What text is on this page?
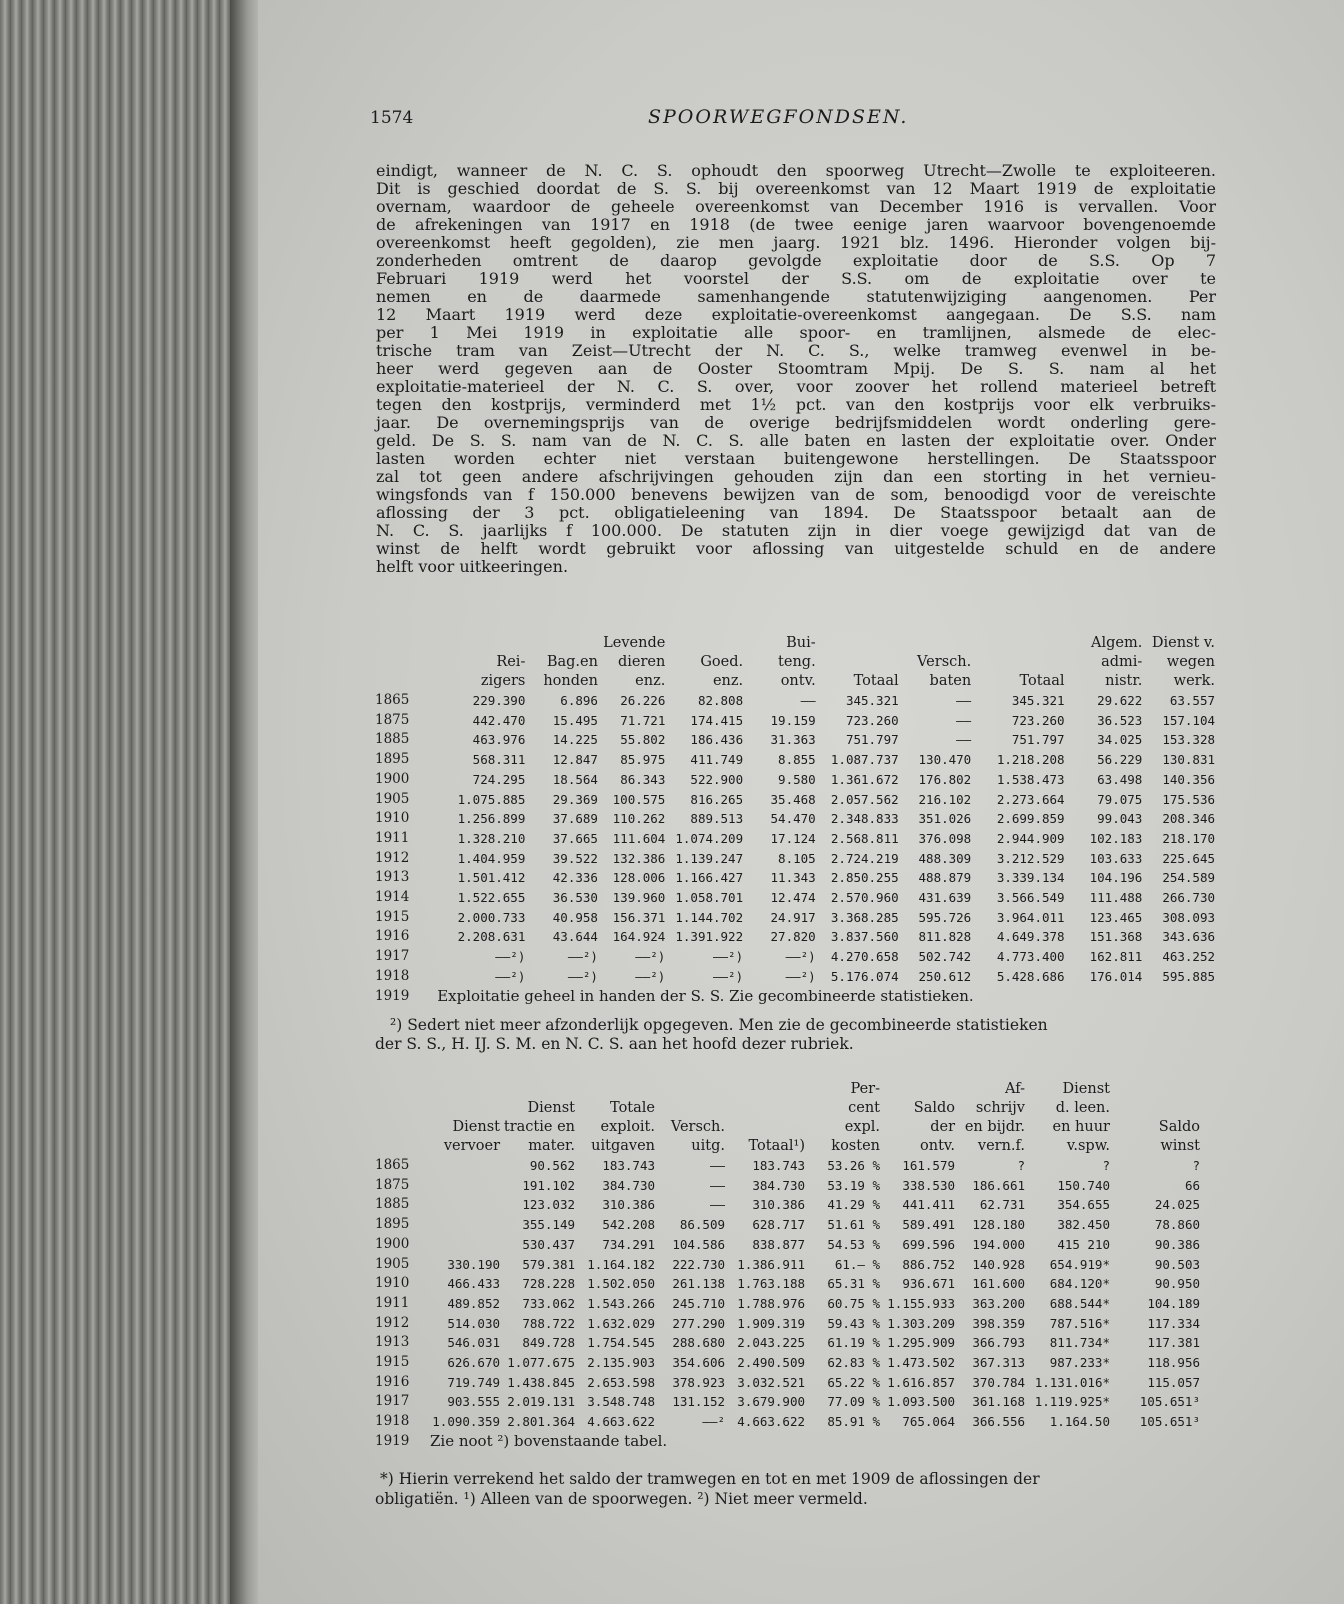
1574	SPOORWEGFONDSEN.
eindigt, wanneer de N. C. S. ophoudt den spoorweg Utrecht—Zwolle te exploiteeren.
Dit is geschied doordat de S. S. bij overeenkomst van 12 Maart 1919 de exploitatie
overnam, waardoor de geheele overeenkomst van December 1916 is vervallen. Voor
de afrekeningen van 1917 en 1918 (de twee eenige jaren waarvoor bovengenoemde
overeenkomst heeft gegolden), zie men jaarg. 1921 blz. 1496. Hieronder volgen bij-
zonderheden omtrent de daarop gevolgde exploitatie door de S.S. Op 7
Februari 1919 werd het voorstel der S.S. om de exploitatie over te
nemen en de daarmede samenhangende statutenwijziging aangenomen. Per
12 Maart 1919 werd deze exploitatie-overeenkomst aangegaan. De S.S. nam
per 1 Mei 1919 in exploitatie alle spoor- en tramlijnen, alsmede de elec-
trische tram van Zeist—Utrecht der N. C. S., welke tramweg evenwel in be-
heer werd gegeven aan de Ooster Stoomtram Mpij. De S. S. nam al het
exploitatie-materieel der N. C. S. over, voor zoover het rollend materieel betreft
tegen den kostprijs, verminderd met 1½ pct. van den kostprijs voor elk verbruiks-
jaar. De overnemingsprijs van de overige bedrijfsmiddelen wordt onderling gere-
geld. De S. S. nam van de N. C. S. alle baten en lasten der exploitatie over. Onder
lasten worden echter niet verstaan buitengewone herstellingen. De Staatsspoor
zal tot geen andere afschrijvingen gehouden zijn dan een storting in het vernieu-
wingsfonds van f 150.000 benevens bewijzen van de som, benoodigd voor de vereischte
aflossing der 3 pct. obligatieleening van 1894. De Staatsspoor betaalt aan de
N. C. S. jaarlijks f 100.000. De statuten zijn in dier voege gewijzigd dat van de
winst de helft wordt gebruikt voor aflossing van uitgestelde schuld en de andere
helft voor uitkeeringen.
			Levende		Bui-				Algem.	Dienst v.
	Rei-	Bag.en	dieren	Goed.	teng.		Versch.		admi-	wegen
	zigers	honden	enz.	enz.	ontv.	Totaal	baten	Totaal	nistr.	werk.
1865	229.390	6.896	26.226	82.808	——	345.321	——	345.321	29.622	63.557
1875	442.470	15.495	71.721	174.415	19.159	723.260	——	723.260	36.523	157.104
1885	463.976	14.225	55.802	186.436	31.363	751.797	——	751.797	34.025	153.328
1895	568.311	12.847	85.975	411.749	8.855	1.087.737	130.470	1.218.208	56.229	130.831
1900	724.295	18.564	86.343	522.900	9.580	1.361.672	176.802	1.538.473	63.498	140.356
1905	1.075.885	29.369	100.575	816.265	35.468	2.057.562	216.102	2.273.664	79.075	175.536
1910	1.256.899	37.689	110.262	889.513	54.470	2.348.833	351.026	2.699.859	99.043	208.346
1911	1.328.210	37.665	111.604	1.074.209	17.124	2.568.811	376.098	2.944.909	102.183	218.170
1912	1.404.959	39.522	132.386	1.139.247	8.105	2.724.219	488.309	3.212.529	103.633	225.645
1913	1.501.412	42.336	128.006	1.166.427	11.343	2.850.255	488.879	3.339.134	104.196	254.589
1914	1.522.655	36.530	139.960	1.058.701	12.474	2.570.960	431.639	3.566.549	111.488	266.730
1915	2.000.733	40.958	156.371	1.144.702	24.917	3.368.285	595.726	3.964.011	123.465	308.093
1916	2.208.631	43.644	164.924	1.391.922	27.820	3.837.560	811.828	4.649.378	151.368	343.636
1917	——²)	——²)	——²)	——²)	——²)	4.270.658	502.742	4.773.400	162.811	463.252
1918	——²)	——²)	——²)	——²)	——²)	5.176.074	250.612	5.428.686	176.014	595.885
1919	Exploitatie geheel in handen der S. S. Zie gecombineerde statistieken.									
²) Sedert niet meer afzonderlijk opgegeven. Men zie de gecombineerde statistieken
der S. S., H. IJ. S. M. en N. C. S. aan het hoofd dezer rubriek.
						Per-		Af-	Dienst	
		Dienst	Totale			cent	Saldo	schrijv	d. leen.	
	Dienst	tractie en	exploit.	Versch.		expl.	der	en bijdr.	en huur	Saldo
	vervoer	mater.	uitgaven	uitg.	Totaal¹)	kosten	ontv.	vern.f.	v.spw.	winst
1865		90.562	183.743	——	183.743	53.26 %	161.579	?	?	?
1875		191.102	384.730	——	384.730	53.19 %	338.530	186.661	150.740	66
1885		123.032	310.386	——	310.386	41.29 %	441.411	62.731	354.655	24.025
1895		355.149	542.208	86.509	628.717	51.61 %	589.491	128.180	382.450	78.860
1900		530.437	734.291	104.586	838.877	54.53 %	699.596	194.000	415 210	90.386
1905	330.190	579.381	1.164.182	222.730	1.386.911	61.— %	886.752	140.928	654.919*	90.503
1910	466.433	728.228	1.502.050	261.138	1.763.188	65.31 %	936.671	161.600	684.120*	90.950
1911	489.852	733.062	1.543.266	245.710	1.788.976	60.75 %	1.155.933	363.200	688.544*	104.189
1912	514.030	788.722	1.632.029	277.290	1.909.319	59.43 %	1.303.209	398.359	787.516*	117.334
1913	546.031	849.728	1.754.545	288.680	2.043.225	61.19 %	1.295.909	366.793	811.734*	117.381
1915	626.670	1.077.675	2.135.903	354.606	2.490.509	62.83 %	1.473.502	367.313	987.233*	118.956
1916	719.749	1.438.845	2.653.598	378.923	3.032.521	65.22 %	1.616.857	370.784	1.131.016*	115.057
1917	903.555	2.019.131	3.548.748	131.152	3.679.900	77.09 %	1.093.500	361.168	1.119.925*	105.651³
1918	1.090.359	2.801.364	4.663.622	——²	4.663.622	85.91 %	765.064	366.556	1.164.50	105.651³
1919	Zie noot ²) bovenstaande tabel.									
*) Hierin verrekend het saldo der tramwegen en tot en met 1909 de aflossingen der
obligatiën. ¹) Alleen van de spoorwegen. ²) Niet meer vermeld.
